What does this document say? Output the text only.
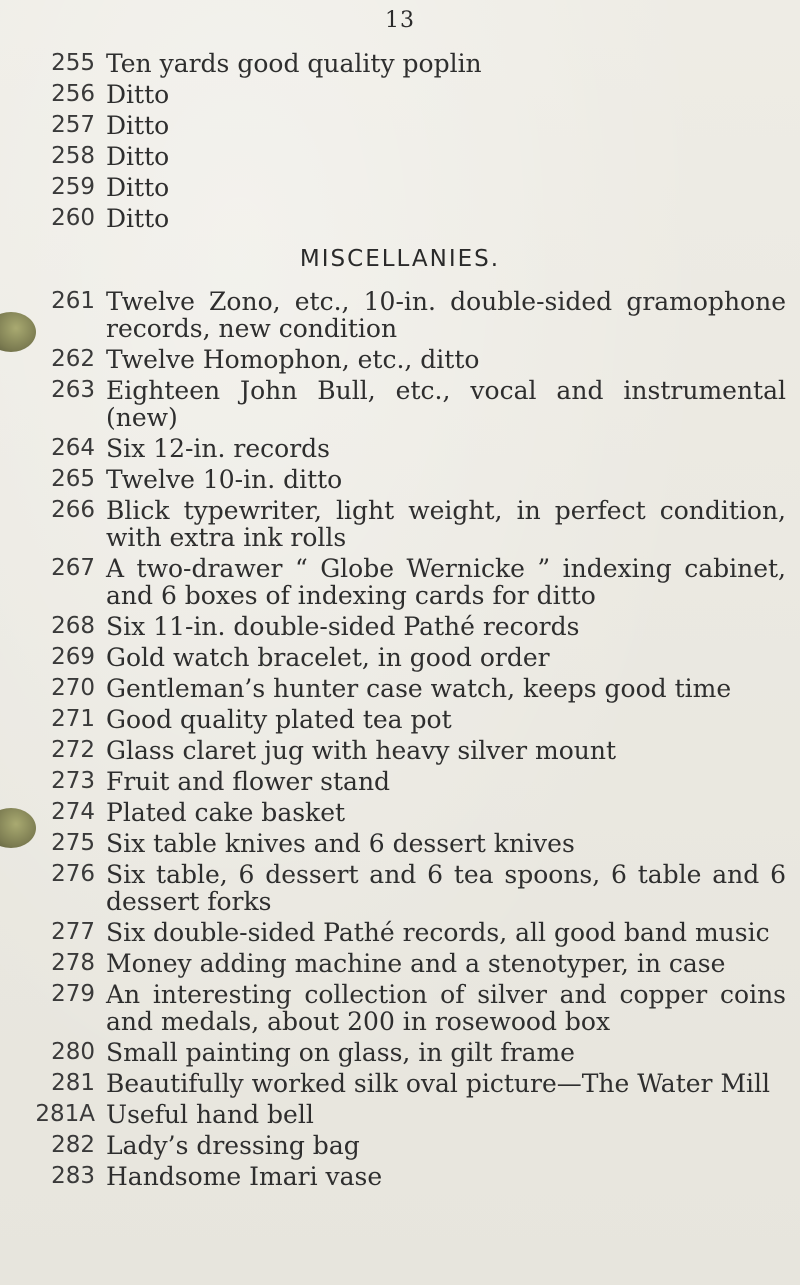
13
MISCELLANIES.
255 Ten yards good quality poplin
256 Ditto
257 Ditto
258 Ditto
259 Ditto
260 Ditto
261 Twelve Zono, etc., 10-in. double-sided gramophone records, new condition
262 Twelve Homophon, etc., ditto
263 Eighteen John Bull, etc., vocal and instrumental (new)
264 Six 12-in. records
265 Twelve 10-in. ditto
266 Blick typewriter, light weight, in perfect condition, with extra ink rolls
267 A two-drawer “ Globe Wernicke ” indexing cabinet, and 6 boxes of indexing cards for ditto
268 Six 11-in. double-sided Pathé records
269 Gold watch bracelet, in good order
270 Gentleman’s hunter case watch, keeps good time
271 Good quality plated tea pot
272 Glass claret jug with heavy silver mount
273 Fruit and flower stand
274 Plated cake basket
275 Six table knives and 6 dessert knives
276 Six table, 6 dessert and 6 tea spoons, 6 table and 6 dessert forks
277 Six double-sided Pathé records, all good band music
278 Money adding machine and a stenotyper, in case
279 An interesting collection of silver and copper coins and medals, about 200 in rosewood box
280 Small painting on glass, in gilt frame
281 Beautifully worked silk oval picture—The Water Mill
281A Useful hand bell
282 Lady’s dressing bag
283 Handsome Imari vase
